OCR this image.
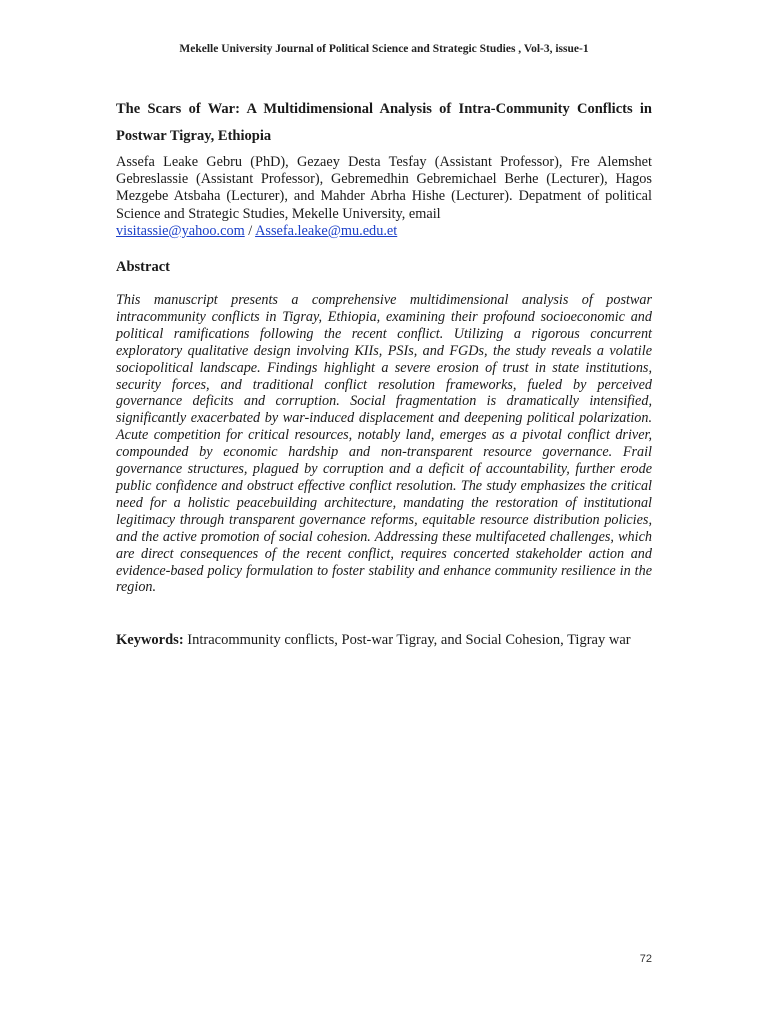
Mekelle University Journal of Political Science and Strategic Studies , Vol-3, issue-1
The Scars of War: A Multidimensional Analysis of Intra-Community Conflicts in Postwar Tigray, Ethiopia
Assefa Leake Gebru (PhD), Gezaey Desta Tesfay (Assistant Professor), Fre Alemshet Gebreslassie (Assistant Professor), Gebremedhin Gebremichael Berhe (Lecturer), Hagos Mezgebe Atsbaha (Lecturer), and Mahder Abrha Hishe (Lecturer). Depatment of political Science and Strategic Studies, Mekelle University, email
visitassie@yahoo.com / Assefa.leake@mu.edu.et
Abstract
This manuscript presents a comprehensive multidimensional analysis of postwar intracommunity conflicts in Tigray, Ethiopia, examining their profound socioeconomic and political ramifications following the recent conflict. Utilizing a rigorous concurrent exploratory qualitative design involving KIIs, PSIs, and FGDs, the study reveals a volatile sociopolitical landscape. Findings highlight a severe erosion of trust in state institutions, security forces, and traditional conflict resolution frameworks, fueled by perceived governance deficits and corruption. Social fragmentation is dramatically intensified, significantly exacerbated by war-induced displacement and deepening political polarization. Acute competition for critical resources, notably land, emerges as a pivotal conflict driver, compounded by economic hardship and non-transparent resource governance. Frail governance structures, plagued by corruption and a deficit of accountability, further erode public confidence and obstruct effective conflict resolution. The study emphasizes the critical need for a holistic peacebuilding architecture, mandating the restoration of institutional legitimacy through transparent governance reforms, equitable resource distribution policies, and the active promotion of social cohesion. Addressing these multifaceted challenges, which are direct consequences of the recent conflict, requires concerted stakeholder action and evidence-based policy formulation to foster stability and enhance community resilience in the region.
Keywords: Intracommunity conflicts, Post-war Tigray, and Social Cohesion, Tigray war
72
